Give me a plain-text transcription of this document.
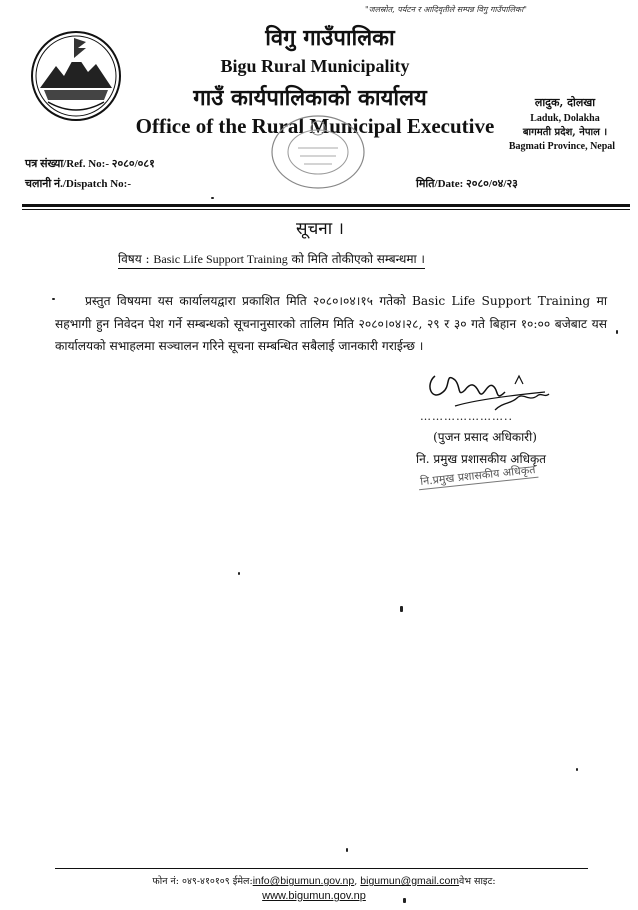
"जलस्रोत, पर्यटन र आदिवृतीले सम्पन्न विगु गाउँपालिका"
विगु गाउँपालिका
Bigu Rural Municipality
गाउँ कार्यपालिकाको कार्यालय
Office of the Rural Municipal Executive
लादुक, दोलखा
Laduk, Dolakha
बागमती प्रदेश, नेपाल ।
Bagmati Province, Nepal
पत्र संख्या/Ref. No:- २०८०/०८१
चलानी नं./Dispatch No:-	मिति/Date: २०८०/०४/२३
सूचना ।
विषय : Basic Life Support Training को मिति तोकीएको सम्बन्धमा ।

प्रस्तुत विषयमा यस कार्यालयद्वारा प्रकाशित मिति २०८०।०४।१५ गतेको Basic Life Support Training मा सहभागी हुन निवेदन पेश गर्ने सम्बन्धको सूचनानुसारको तालिम मिति २०८०।०४।२८, २९ र ३० गते बिहान १०:०० बजेबाट यस कार्यालयको सभाहलमा सञ्चालन गरिने सूचना सम्बन्धित सबैलाई जानकारी गराईन्छ ।

…………………..
(पुजन प्रसाद अधिकारी)
नि. प्रमुख प्रशासकीय अधिकृत
नि.प्रमुख प्रशासकीय अधिकृत
फोन नं: ०४९-४१०१०९ ईमेल:info@bigumun.gov.np, bigumun@gmail.comवेभ साइट:
www.bigumun.gov.np
